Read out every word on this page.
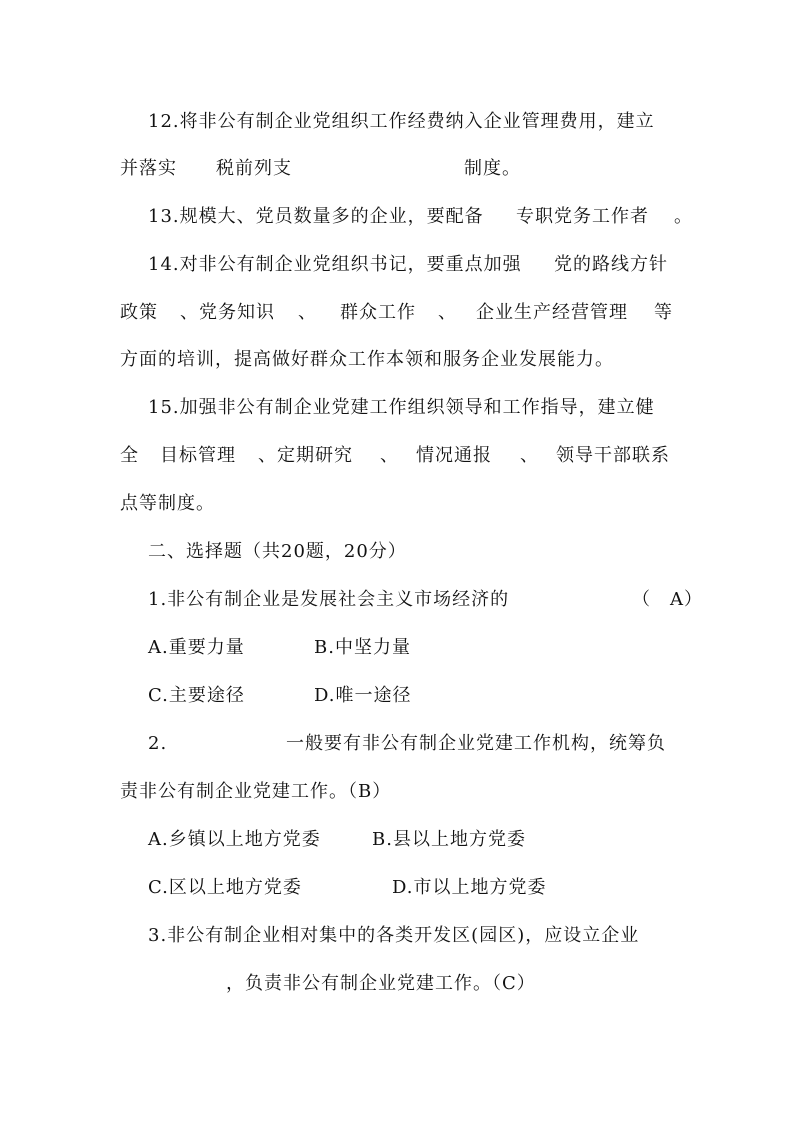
12.将非公有制企业党组织工作经费纳入企业管理费用，建立
并落实 税前列支	制度。
13.规模大、党员数量多的企业，要配备 专职党务工作者 。
14.对非公有制企业党组织书记，要重点加强 党的路线方针
政策 、党务知识 、 群众工作 、 企业生产经营管理 等
方面的培训，提高做好群众工作本领和服务企业发展能力。
15.加强非公有制企业党建工作组织领导和工作指导，建立健
全 目标管理 、定期研究 、 情况通报 、 领导干部联系
点等制度。
二、选择题（共20题，20分）
1.非公有制企业是发展社会主义市场经济的	（　A）
A.重要力量	B.中坚力量
C.主要途径	D.唯一途径
2.	一般要有非公有制企业党建工作机构，统筹负
责非公有制企业党建工作。（B）
A.乡镇以上地方党委	B.县以上地方党委
C.区以上地方党委	D.市以上地方党委
3.非公有制企业相对集中的各类开发区(园区)，应设立企业
，负责非公有制企业党建工作。（C）
